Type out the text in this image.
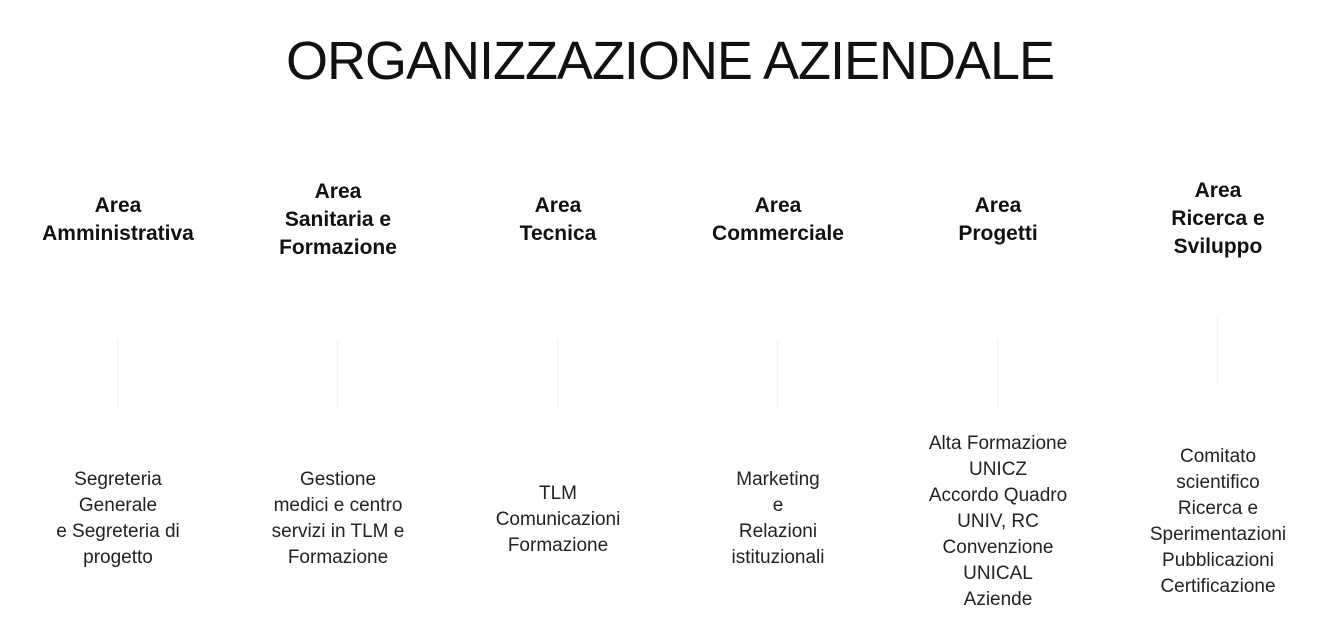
ORGANIZZAZIONE AZIENDALE
Area
Amministrativa
Segreteria
Generale
e Segreteria di
progetto
Area
Sanitaria e
Formazione
Gestione
medici e centro
servizi in TLM e
Formazione
Area
Tecnica
TLM
Comunicazioni
Formazione
Area
Commerciale
Marketing
e
Relazioni
istituzionali
Area
Progetti
Alta Formazione
UNICZ
Accordo Quadro
UNIV, RC
Convenzione
UNICAL
Aziende
Area
Ricerca e
Sviluppo
Comitato
scientifico
Ricerca e
Sperimentazioni
Pubblicazioni
Certificazione
